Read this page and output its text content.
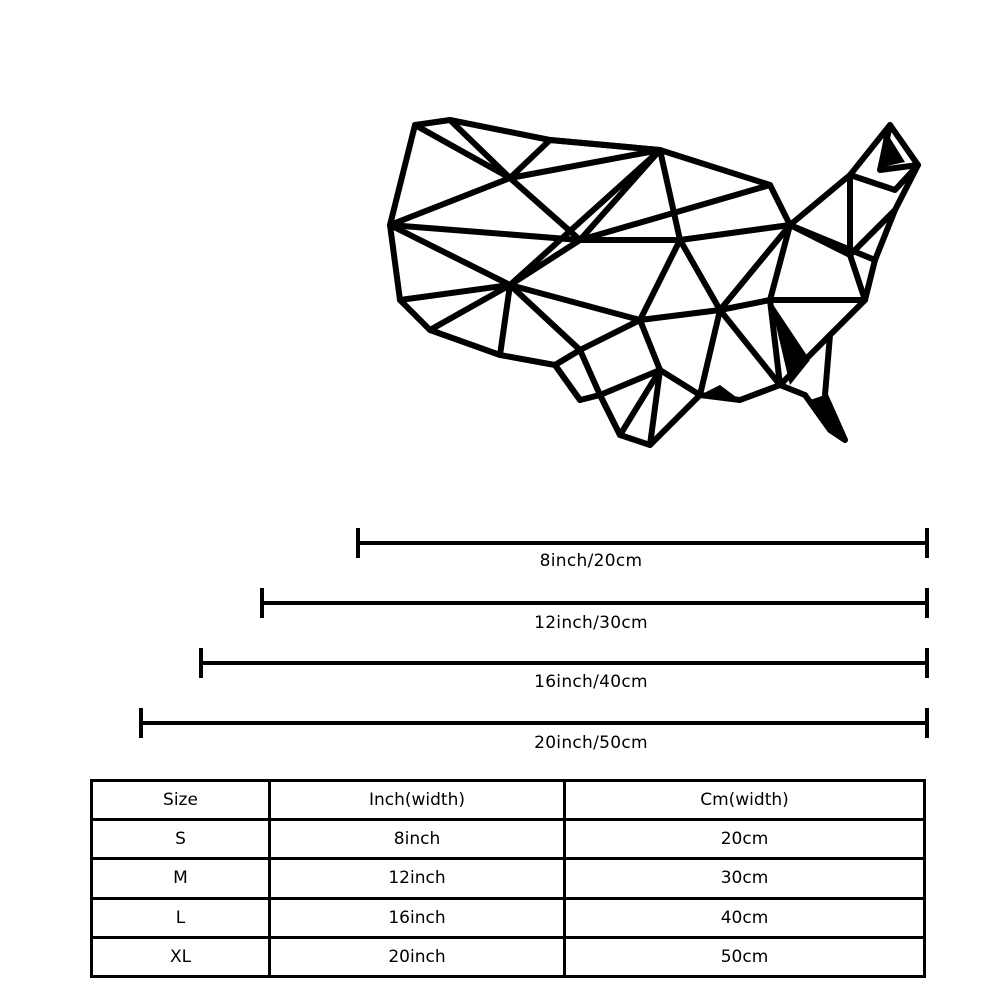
8inch/20cm
12inch/30cm
16inch/40cm
20inch/50cm
Size	Inch(width)	Cm(width)
S	8inch	20cm
M	12inch	30cm
L	16inch	40cm
XL	20inch	50cm
